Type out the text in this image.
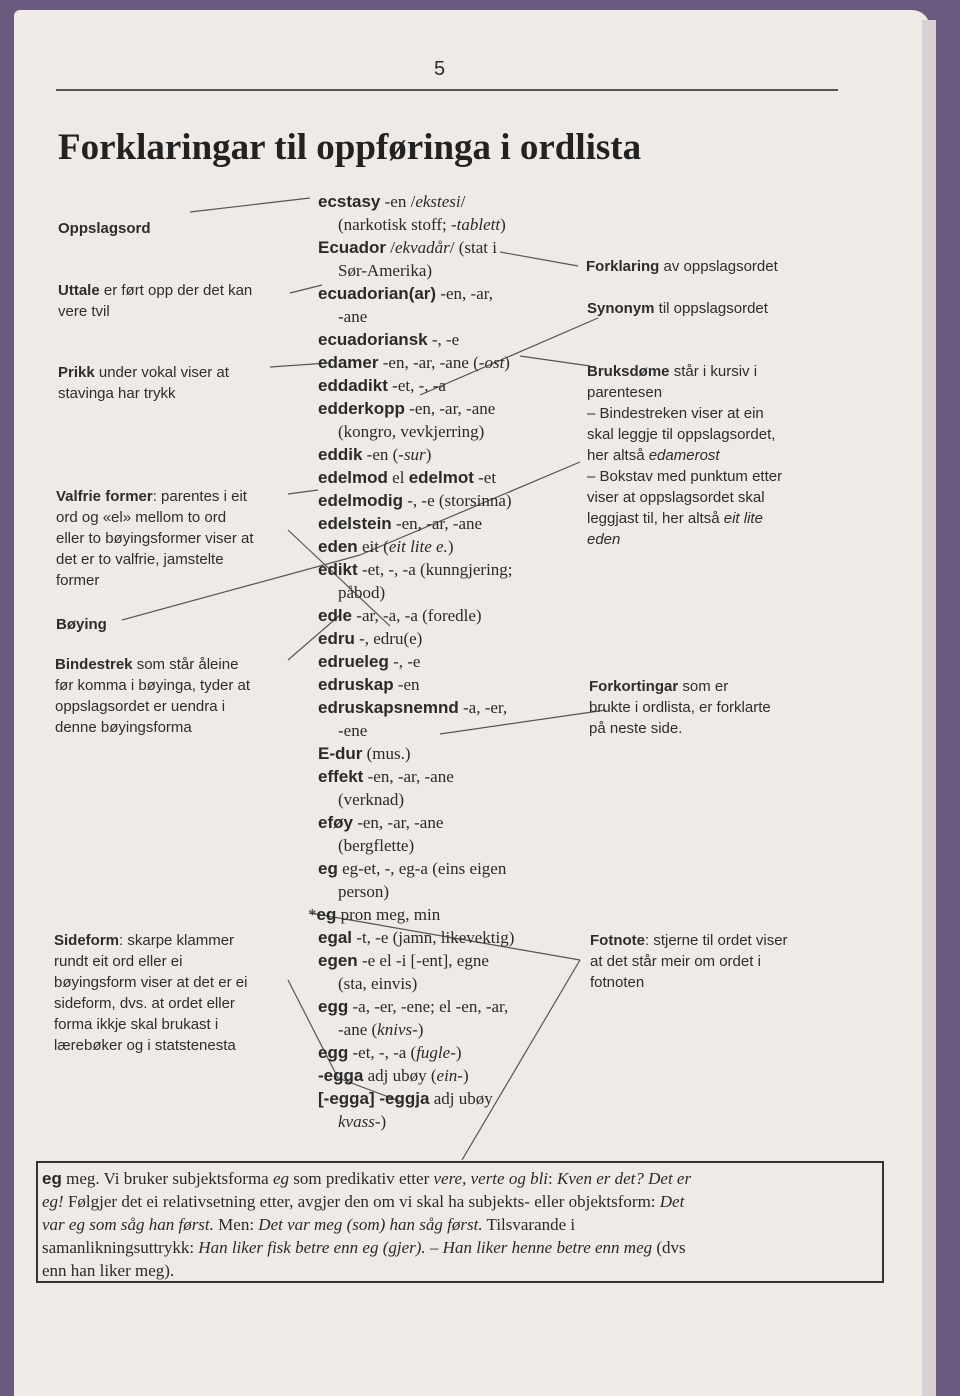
5
Forklaringar til oppføringa i ordlista
Oppslagsord
Uttale er ført opp der det kan
vere tvil
Prikk under vokal viser at
stavinga har trykk
Valfrie former: parentes i eit
ord og «el» mellom to ord
eller to bøyingsformer viser at
det er to valfrie, jamstelte
former
Bøying
Bindestrek som står åleine
før komma i bøyinga, tyder at
oppslagsordet er uendra i
denne bøyingsforma
Sideform: skarpe klammer
rundt eit ord eller ei
bøyingsform viser at det er ei
sideform, dvs. at ordet eller
forma ikkje skal brukast i
lærebøker og i statstenesta
Forklaring av oppslagsordet
Synonym til oppslagsordet
Bruksdøme står i kursiv i
parentesen
– Bindestreken viser at ein
skal leggje til oppslagsordet,
her altså edamerost
– Bokstav med punktum etter
viser at oppslagsordet skal
leggjast til, her altså eit lite
eden
Forkortingar som er
brukte i ordlista, er forklarte
på neste side.
Fotnote: stjerne til ordet viser
at det står meir om ordet i
fotnoten
ecstasy -en /ekstesi/
(narkotisk stoff; -tablett)
Ecuador /ekvadår/ (stat i
Sør-Amerika)
ecuadorian(ar) -en, -ar,
-ane
ecuadoriansk -, -e
edamer -en, -ar, -ane (-ost)
eddadikt -et, -, -a
edderkopp -en, -ar, -ane
(kongro, vevkjerring)
eddik -en (-sur)
edelmod el edelmot -et
edelmodig -, -e (storsinna)
edelstein -en, -ar, -ane
eden eit (eit lite e.)
edikt -et, -, -a (kunngjering;
påbod)
edle -ar, -a, -a (foredle)
edru -, edru(e)
edrueleg -, -e
edruskap -en
edruskapsnemnd -a, -er,
-ene
E-dur (mus.)
effekt -en, -ar, -ane
(verknad)
eføy -en, -ar, -ane
(bergflette)
eg eg-et, -, eg-a (eins eigen
person)
*eg pron meg, min
egal -t, -e (jamn, likevektig)
egen -e el -i [-ent], egne
(sta, einvis)
egg -a, -er, -ene; el -en, -ar,
-ane (knivs-)
egg -et, -, -a (fugle-)
-egga adj ubøy (ein-)
[-egga] -eggja adj ubøy
kvass-)
eg meg. Vi bruker subjektsforma eg som predikativ etter vere, verte og bli: Kven er det? Det er
eg! Følgjer det ei relativsetning etter, avgjer den om vi skal ha subjekts- eller objektsform: Det
var eg som såg han først. Men: Det var meg (som) han såg først. Tilsvarande i
samanlikningsuttrykk: Han liker fisk betre enn eg (gjer). – Han liker henne betre enn meg (dvs
enn han liker meg).
